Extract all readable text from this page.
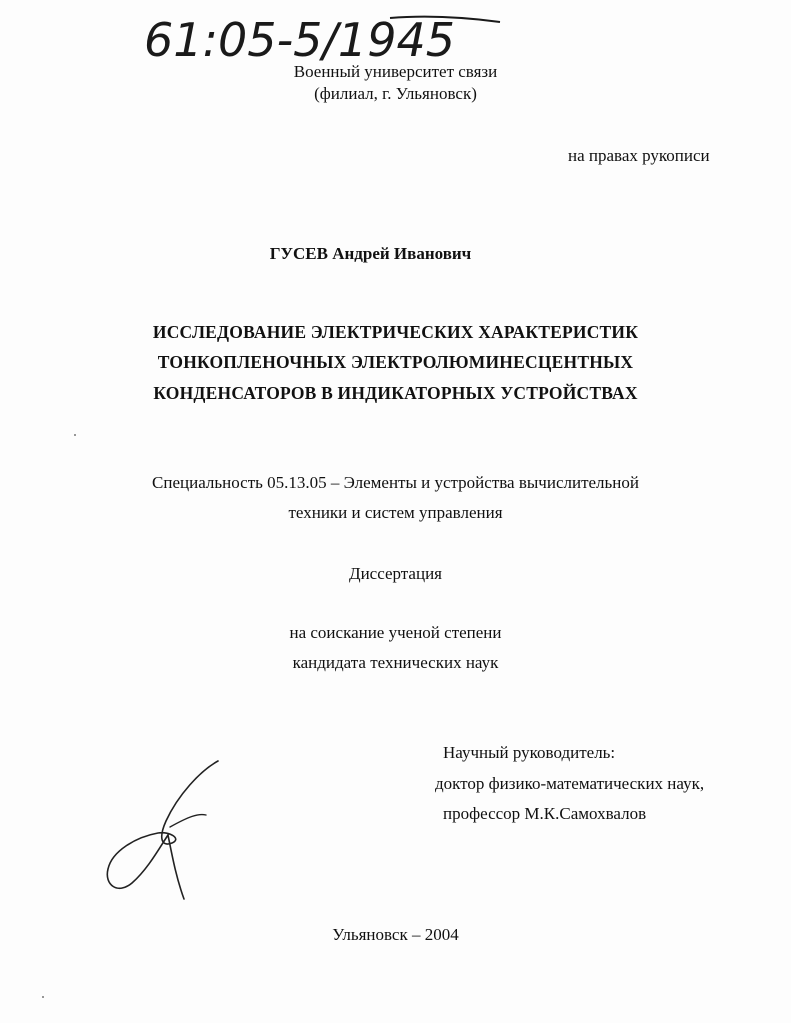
61:05-5/1945
Военный университет связи
(филиал, г. Ульяновск)
на правах рукописи
ГУСЕВ Андрей Иванович
ИССЛЕДОВАНИЕ ЭЛЕКТРИЧЕСКИХ ХАРАКТЕРИСТИК
ТОНКОПЛЕНОЧНЫХ ЭЛЕКТРОЛЮМИНЕСЦЕНТНЫХ
КОНДЕНСАТОРОВ В ИНДИКАТОРНЫХ УСТРОЙСТВАХ
Специальность 05.13.05 – Элементы и устройства вычислительной
техники и систем управления
Диссертация
на соискание ученой степени
кандидата технических наук
Научный руководитель:
доктор физико-математических наук,
профессор М.К.Самохвалов
Ульяновск – 2004
